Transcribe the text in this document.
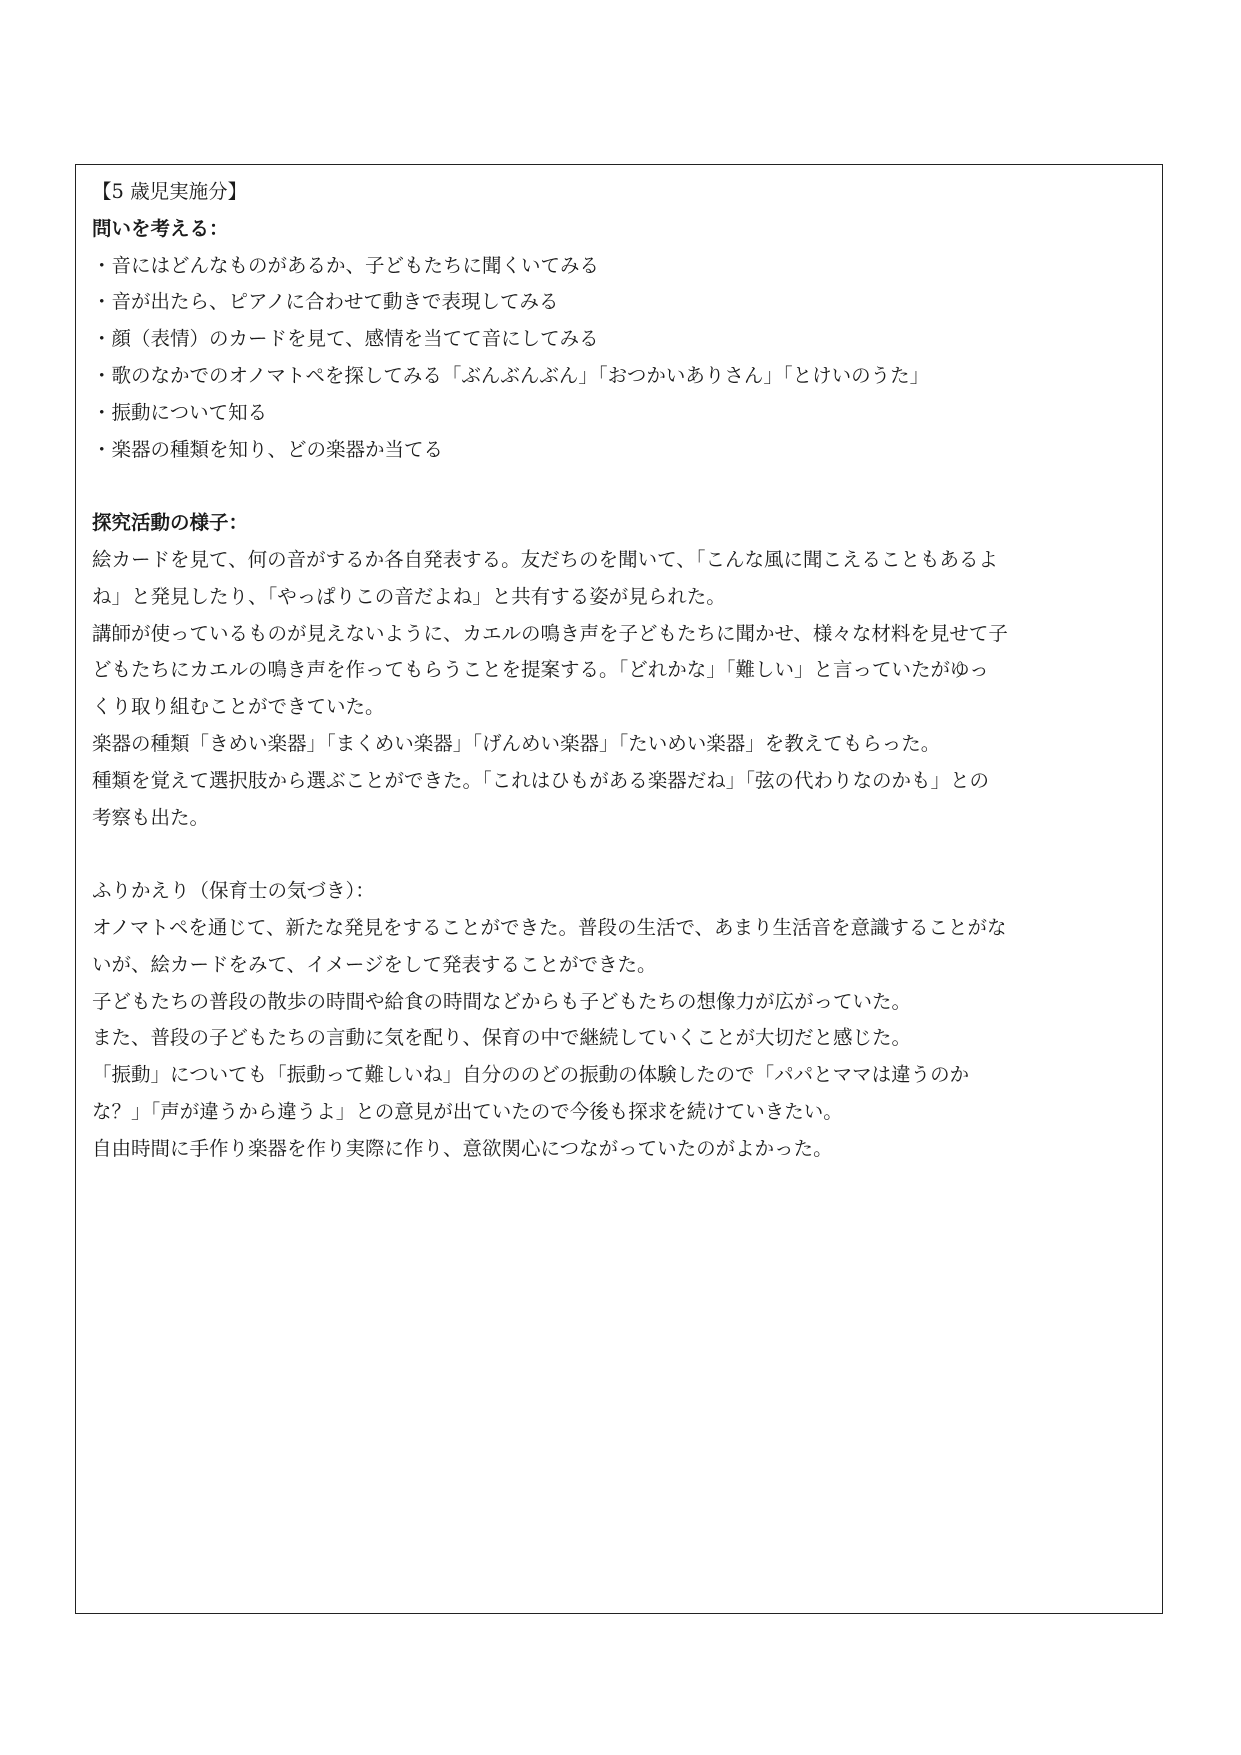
【5 歳児実施分】
問いを考える：
・音にはどんなものがあるか、子どもたちに聞くいてみる
・音が出たら、ピアノに合わせて動きで表現してみる
・顔（表情）のカードを見て、感情を当てて音にしてみる
・歌のなかでのオノマトペを探してみる「ぶんぶんぶん」「おつかいありさん」「とけいのうた」
・振動について知る
・楽器の種類を知り、どの楽器か当てる
探究活動の様子：
絵カードを見て、何の音がするか各自発表する。友だちのを聞いて、「こんな風に聞こえることもあるよ
ね」と発見したり、「やっぱりこの音だよね」と共有する姿が見られた。
講師が使っているものが見えないように、カエルの鳴き声を子どもたちに聞かせ、様々な材料を見せて子
どもたちにカエルの鳴き声を作ってもらうことを提案する。「どれかな」「難しい」と言っていたがゆっ
くり取り組むことができていた。
楽器の種類「きめい楽器」「まくめい楽器」「げんめい楽器」「たいめい楽器」を教えてもらった。
種類を覚えて選択肢から選ぶことができた。「これはひもがある楽器だね」「弦の代わりなのかも」との
考察も出た。
ふりかえり（保育士の気づき）：
オノマトペを通じて、新たな発見をすることができた。普段の生活で、あまり生活音を意識することがな
いが、絵カードをみて、イメージをして発表することができた。
子どもたちの普段の散歩の時間や給食の時間などからも子どもたちの想像力が広がっていた。
また、普段の子どもたちの言動に気を配り、保育の中で継続していくことが大切だと感じた。
「振動」についても「振動って難しいね」自分ののどの振動の体験したので「パパとママは違うのか
な？」「声が違うから違うよ」との意見が出ていたので今後も探求を続けていきたい。
自由時間に手作り楽器を作り実際に作り、意欲関心につながっていたのがよかった。
